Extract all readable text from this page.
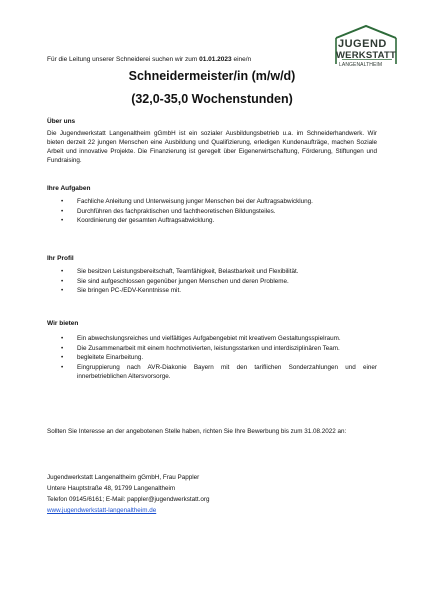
JUGEND
WERKSTATT
LANGENALTHEIM
Für die Leitung unserer Schneiderei suchen wir zum 01.01.2023 eine/n
Schneidermeister/in (m/w/d)
(32,0-35,0 Wochenstunden)
Über uns
Die Jugendwerkstatt Langenaltheim gGmbH ist ein sozialer Ausbildungsbetrieb u.a. im Schneiderhandwerk. Wir bieten derzeit 22 jungen Menschen eine Ausbildung und Qualifizierung, erledigen Kundenaufträge, machen Soziale Arbeit und innovative Projekte. Die Finanzierung ist geregelt über Eigenerwirtschaftung, Förderung, Stiftungen und Fundraising.
Ihre Aufgaben
• Fachliche Anleitung und Unterweisung junger Menschen bei der Auftragsabwicklung.
• Durchführen des fachpraktischen und fachtheoretischen Bildungsteiles.
• Koordinierung der gesamten Auftragsabwicklung.
Ihr Profil
• Sie besitzen Leistungsbereitschaft, Teamfähigkeit, Belastbarkeit und Flexibilität.
• Sie sind aufgeschlossen gegenüber jungen Menschen und deren Probleme.
• Sie bringen PC-/EDV-Kenntnisse mit.
Wir bieten
• Ein abwechslungsreiches und vielfältiges Aufgabengebiet mit kreativem Gestaltungsspielraum.
• Die Zusammenarbeit mit einem hochmotivierten, leistungsstarken und interdisziplinären Team.
• begleitete Einarbeitung.
• Eingruppierung nach AVR-Diakonie Bayern mit den tariflichen Sonderzahlungen und einer innerbetrieblichen Altersvorsorge.
Sollten Sie Interesse an der angebotenen Stelle haben, richten Sie Ihre Bewerbung bis zum 31.08.2022 an:
Jugendwerkstatt Langenaltheim gGmbH, Frau Pappler
Untere Hauptstraße 48, 91799 Langenaltheim
Telefon 09145/6161; E-Mail: pappler@jugendwerkstatt.org
www.jugendwerkstatt-langenaltheim.de
